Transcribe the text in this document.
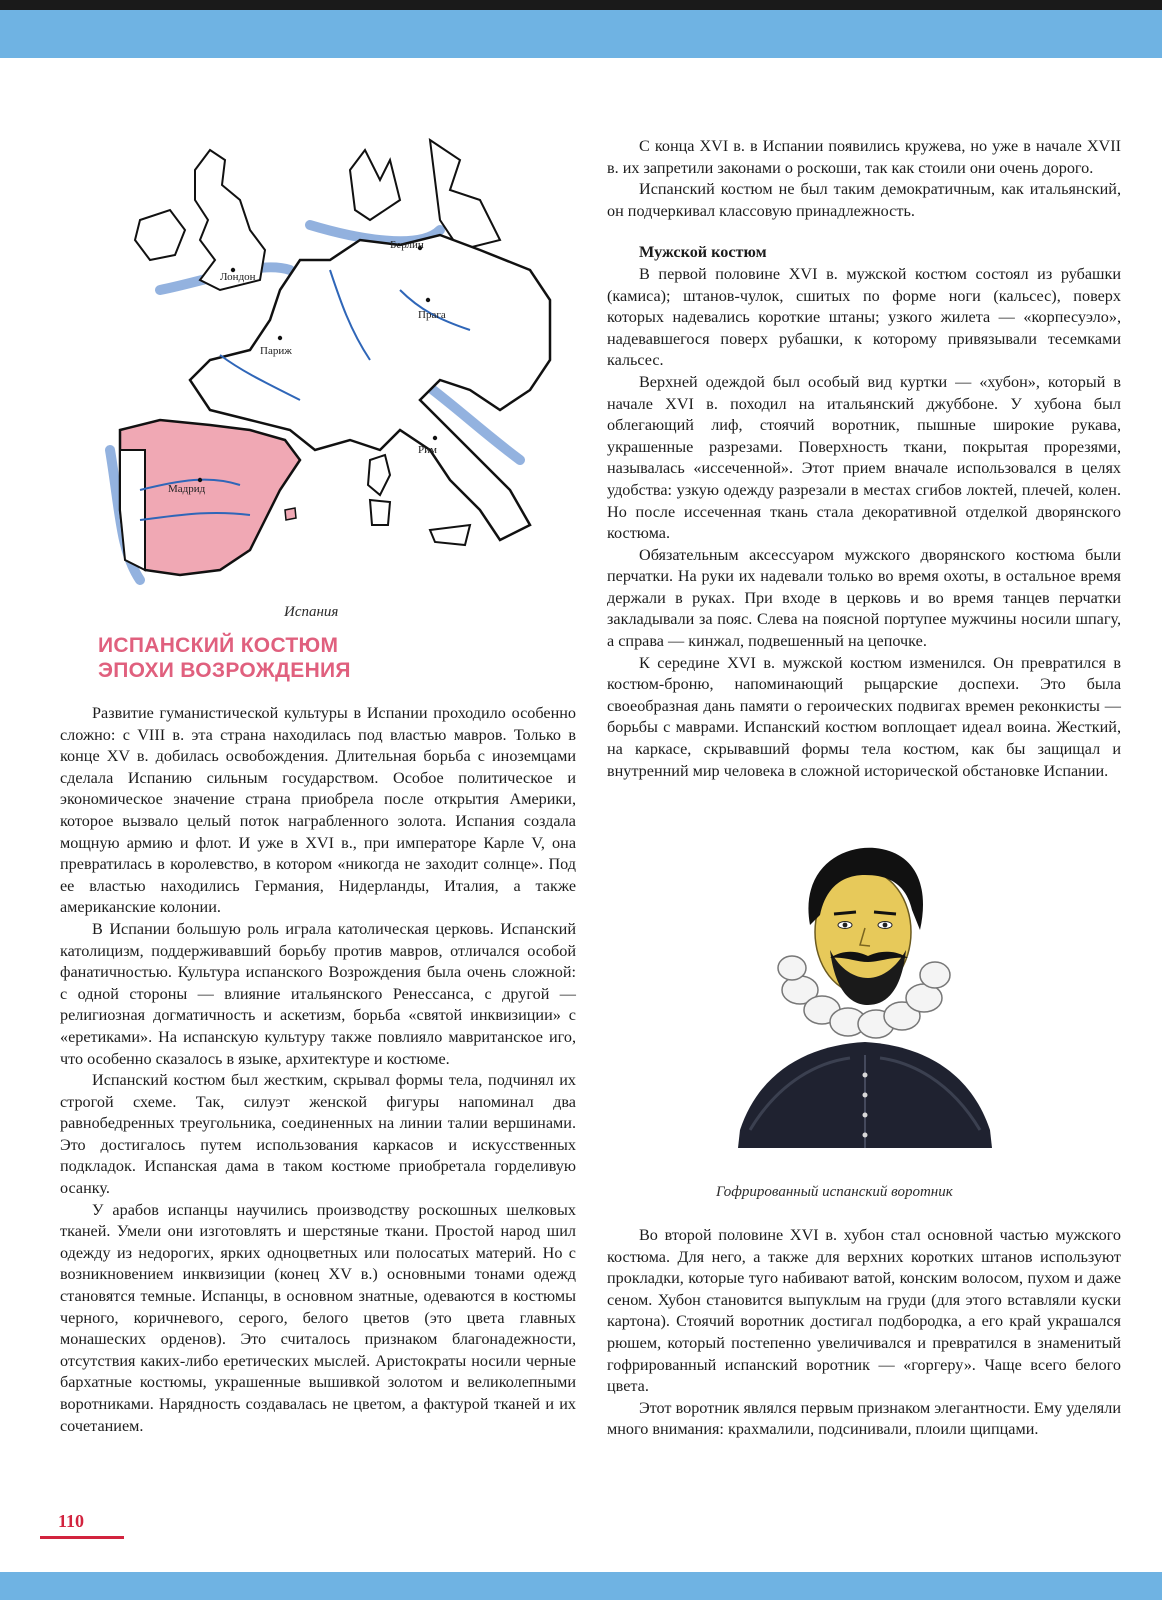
Лондон
Берлин
Прага
Париж
Рим
Мадрид
Испания
ИСПАНСКИЙ КОСТЮМ
ЭПОХИ ВОЗРОЖДЕНИЯ

Развитие гуманистической культуры в Испании проходило особенно сложно: с VIII в. эта страна находилась под властью мавров. Только в конце XV в. добилась освобождения. Длительная борьба с иноземцами сделала Испанию сильным государством. Особое политическое и экономическое значение страна приобрела после открытия Америки, которое вызвало целый поток награбленного золота. Испания создала мощную армию и флот. И уже в XVI в., при императоре Карле V, она превратилась в королевство, в котором «никогда не заходит солнце». Под ее властью находились Германия, Нидерланды, Италия, а также американские колонии.

В Испании большую роль играла католическая церковь. Испанский католицизм, поддерживавший борьбу против мавров, отличался особой фанатичностью. Культура испанского Возрождения была очень сложной: с одной стороны — влияние итальянского Ренессанса, с другой — религиозная догматичность и аскетизм, борьба «святой инквизиции» с «еретиками». На испанскую культуру также повлияло мавританское иго, что особенно сказалось в языке, архитектуре и костюме.

Испанский костюм был жестким, скрывал формы тела, подчинял их строгой схеме. Так, силуэт женской фигуры напоминал два равнобедренных треугольника, соединенных на линии талии вершинами. Это достигалось путем использования каркасов и искусственных подкладок. Испанская дама в таком костюме приобретала горделивую осанку.

У арабов испанцы научились производству роскошных шелковых тканей. Умели они изготовлять и шерстяные ткани. Простой народ шил одежду из недорогих, ярких одноцветных или полосатых материй. Но с возникновением инквизиции (конец XV в.) основными тонами одежд становятся темные. Испанцы, в основном знатные, одеваются в костюмы черного, коричневого, серого, белого цветов (это цвета главных монашеских орденов). Это считалось признаком благонадежности, отсутствия каких-либо еретических мыслей. Аристократы носили черные бархатные костюмы, украшенные вышивкой золотом и великолепными воротниками. Нарядность создавалась не цветом, а фактурой тканей и их сочетанием.

С конца XVI в. в Испании появились кружева, но уже в начале XVII в. их запретили законами о роскоши, так как стоили они очень дорого.

Испанский костюм не был таким демократичным, как итальянский, он подчеркивал классовую принадлежность.

Мужской костюм

В первой половине XVI в. мужской костюм состоял из рубашки (камиса); штанов-чулок, сшитых по форме ноги (кальсес), поверх которых надевались короткие штаны; узкого жилета — «корпесуэло», надевавшегося поверх рубашки, к которому привязывали тесемками кальсес.

Верхней одеждой был особый вид куртки — «хубон», который в начале XVI в. походил на итальянский джуббоне. У хубона был облегающий лиф, стоячий воротник, пышные широкие рукава, украшенные разрезами. Поверхность ткани, покрытая прорезями, называлась «иссеченной». Этот прием вначале использовался в целях удобства: узкую одежду разрезали в местах сгибов локтей, плечей, колен. Но после иссеченная ткань стала декоративной отделкой дворянского костюма.

Обязательным аксессуаром мужского дворянского костюма были перчатки. На руки их надевали только во время охоты, в остальное время держали в руках. При входе в церковь и во время танцев перчатки закладывали за пояс. Слева на поясной портупее мужчины носили шпагу, а справа — кинжал, подвешенный на цепочке.

К середине XVI в. мужской костюм изменился. Он превратился в костюм-броню, напоминающий рыцарские доспехи. Это была своеобразная дань памяти о героических подвигах времен реконкисты — борьбы с маврами. Испанский костюм воплощает идеал воина. Жесткий, на каркасе, скрывавший формы тела костюм, как бы защищал и внутренний мир человека в сложной исторической обстановке Испании.

Гофрированный испанский воротник

Во второй половине XVI в. хубон стал основной частью мужского костюма. Для него, а также для верхних коротких штанов используют прокладки, которые туго набивают ватой, конским волосом, пухом и даже сеном. Хубон становится выпуклым на груди (для этого вставляли куски картона). Стоячий воротник достигал подбородка, а его край украшался рюшем, который постепенно увеличивался и превратился в знаменитый гофрированный испанский воротник — «горгеру». Чаще всего белого цвета.

Этот воротник являлся первым признаком элегантности. Ему уделяли много внимания: крахмалили, подсинивали, плоили щипцами.

110
